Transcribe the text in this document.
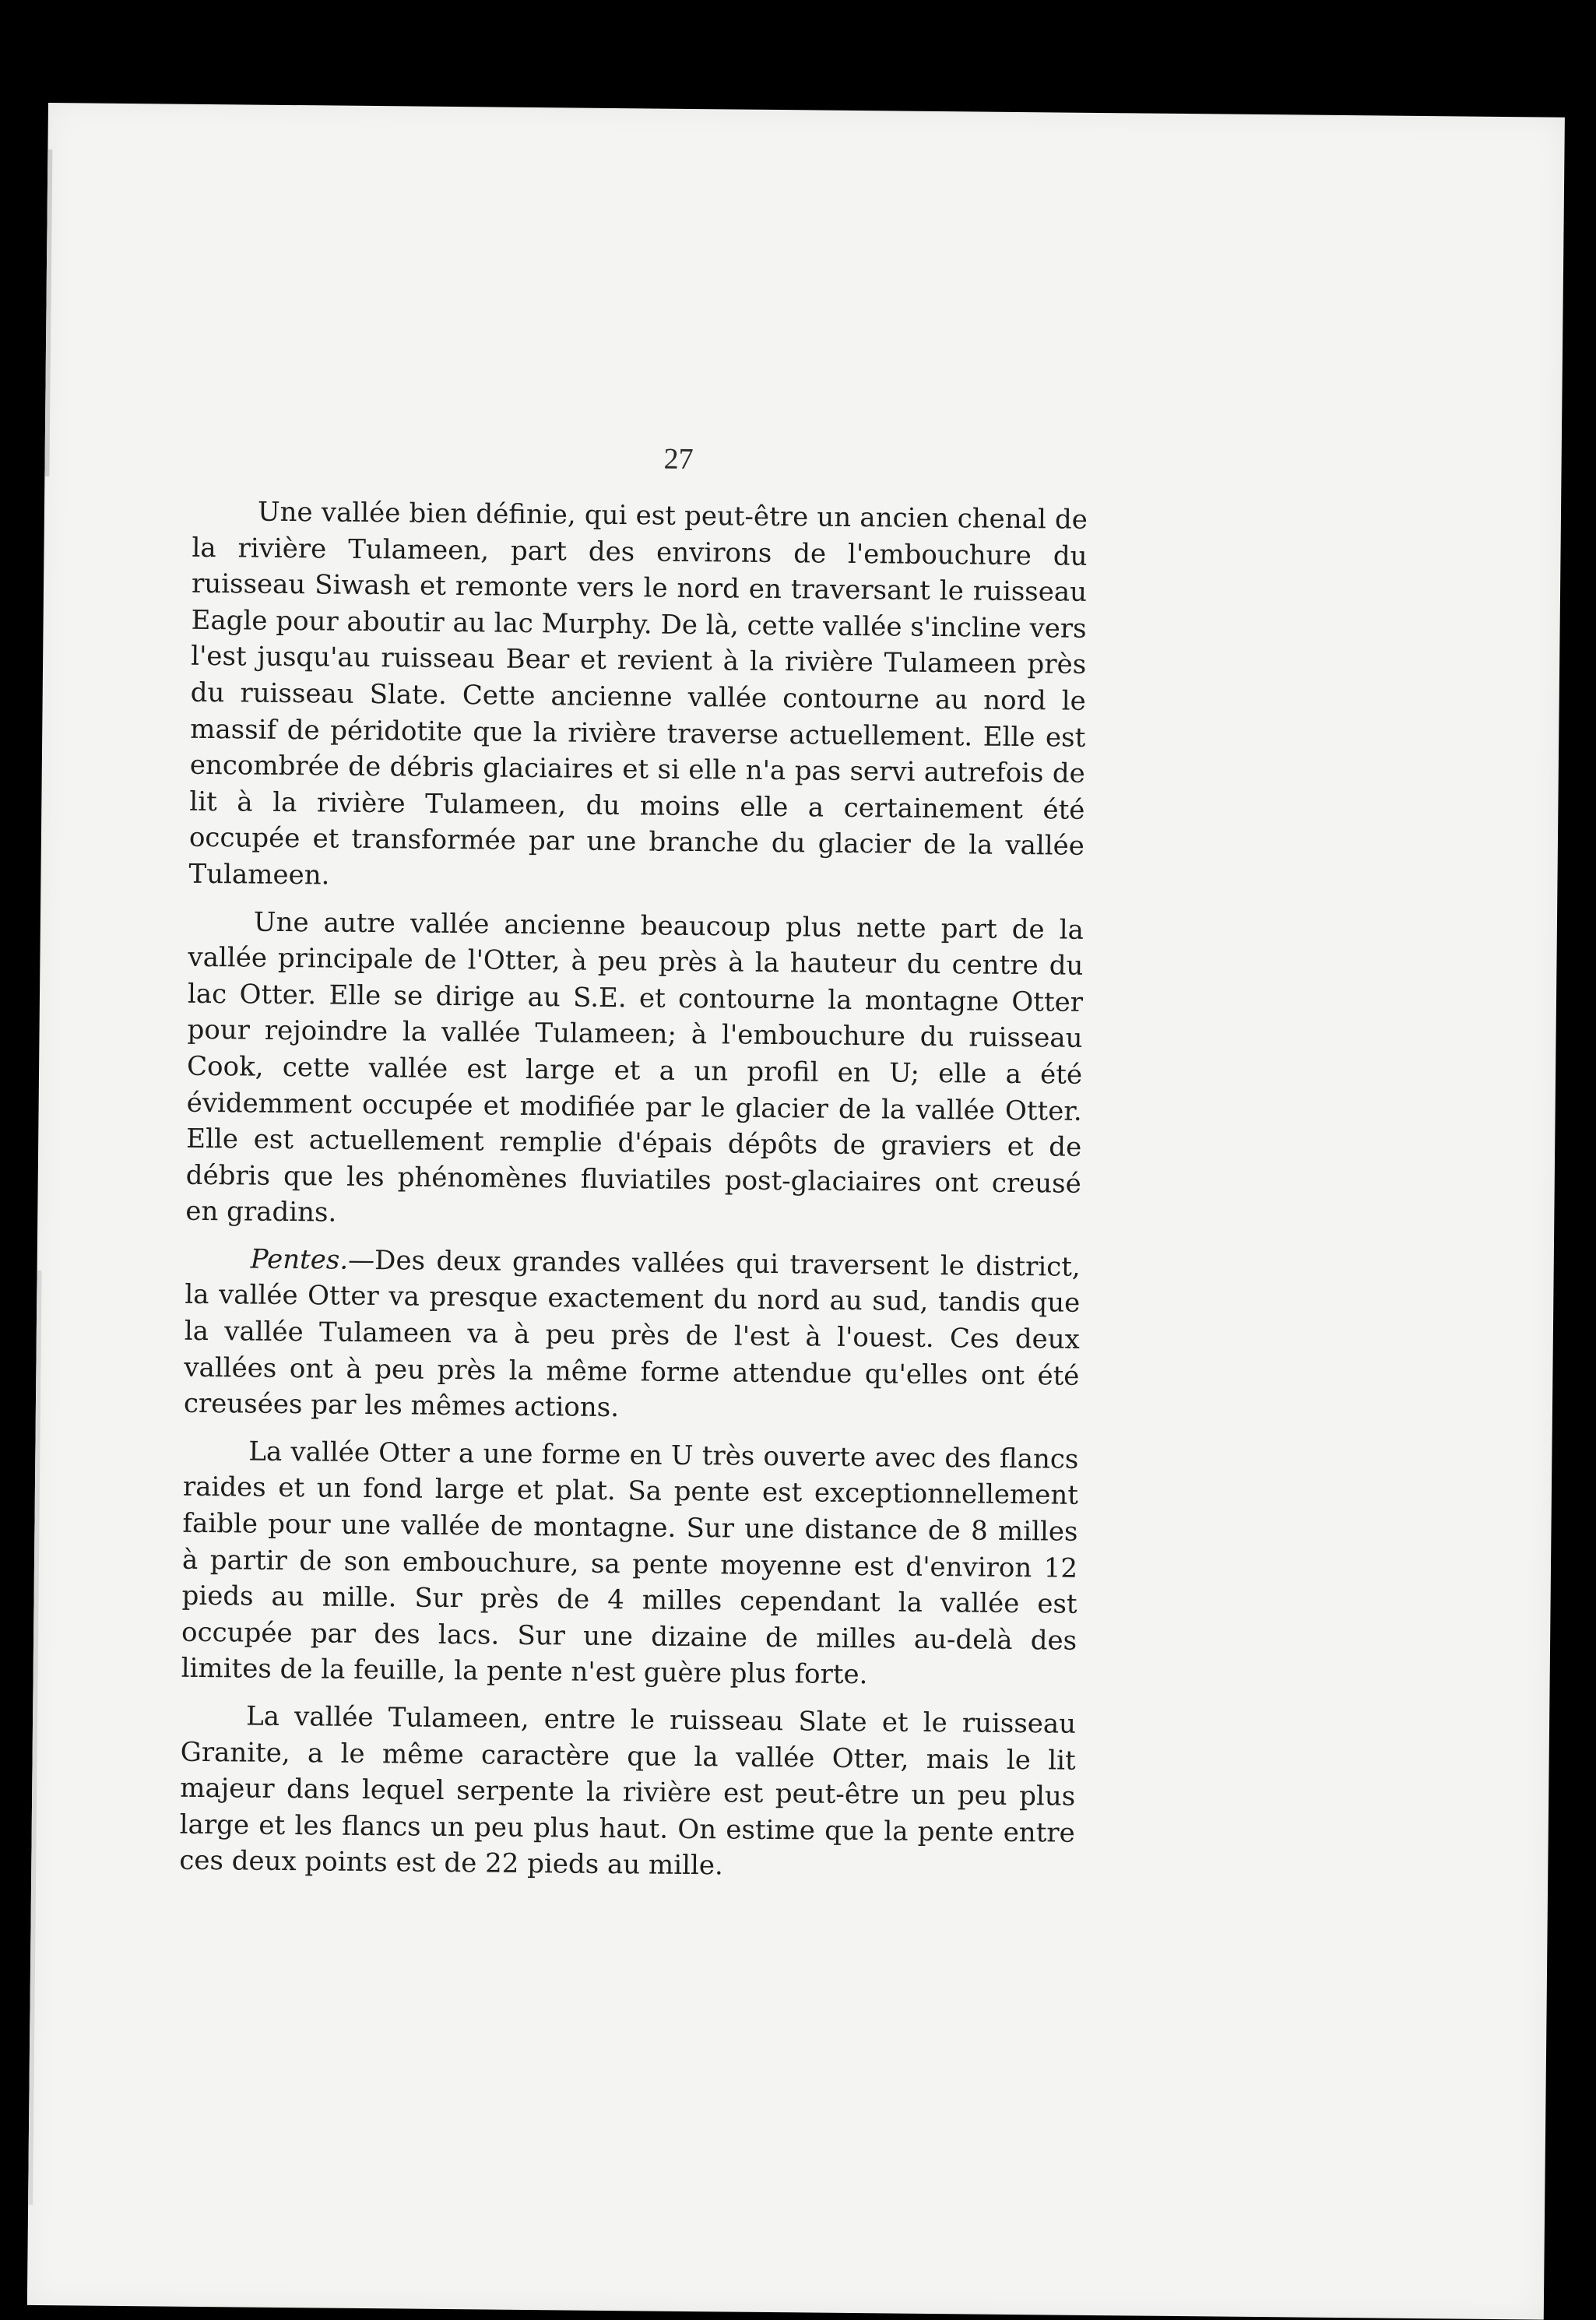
27

Une vallée bien définie, qui est peut-être un ancien chenal de la rivière Tulameen, part des environs de l'embouchure du ruisseau Siwash et remonte vers le nord en traversant le ruisseau Eagle pour aboutir au lac Murphy. De là, cette vallée s'incline vers l'est jusqu'au ruisseau Bear et revient à la rivière Tulameen près du ruisseau Slate. Cette ancienne vallée contourne au nord le massif de péridotite que la rivière traverse actuellement. Elle est encombrée de débris glaciaires et si elle n'a pas servi autrefois de lit à la rivière Tulameen, du moins elle a certainement été occupée et transformée par une branche du glacier de la vallée Tulameen.

Une autre vallée ancienne beaucoup plus nette part de la vallée principale de l'Otter, à peu près à la hauteur du centre du lac Otter. Elle se dirige au S.E. et contourne la montagne Otter pour rejoindre la vallée Tulameen; à l'embouchure du ruisseau Cook, cette vallée est large et a un profil en U; elle a été évidemment occupée et modifiée par le glacier de la vallée Otter. Elle est actuellement remplie d'épais dépôts de graviers et de débris que les phénomènes fluviatiles post-glaciaires ont creusé en gradins.

Pentes.—Des deux grandes vallées qui traversent le district, la vallée Otter va presque exactement du nord au sud, tandis que la vallée Tulameen va à peu près de l'est à l'ouest. Ces deux vallées ont à peu près la même forme attendue qu'elles ont été creusées par les mêmes actions.

La vallée Otter a une forme en U très ouverte avec des flancs raides et un fond large et plat. Sa pente est exceptionnellement faible pour une vallée de montagne. Sur une distance de 8 milles à partir de son embouchure, sa pente moyenne est d'environ 12 pieds au mille. Sur près de 4 milles cependant la vallée est occupée par des lacs. Sur une dizaine de milles au-delà des limites de la feuille, la pente n'est guère plus forte.

La vallée Tulameen, entre le ruisseau Slate et le ruisseau Granite, a le même caractère que la vallée Otter, mais le lit majeur dans lequel serpente la rivière est peut-être un peu plus large et les flancs un peu plus haut. On estime que la pente entre ces deux points est de 22 pieds au mille.
